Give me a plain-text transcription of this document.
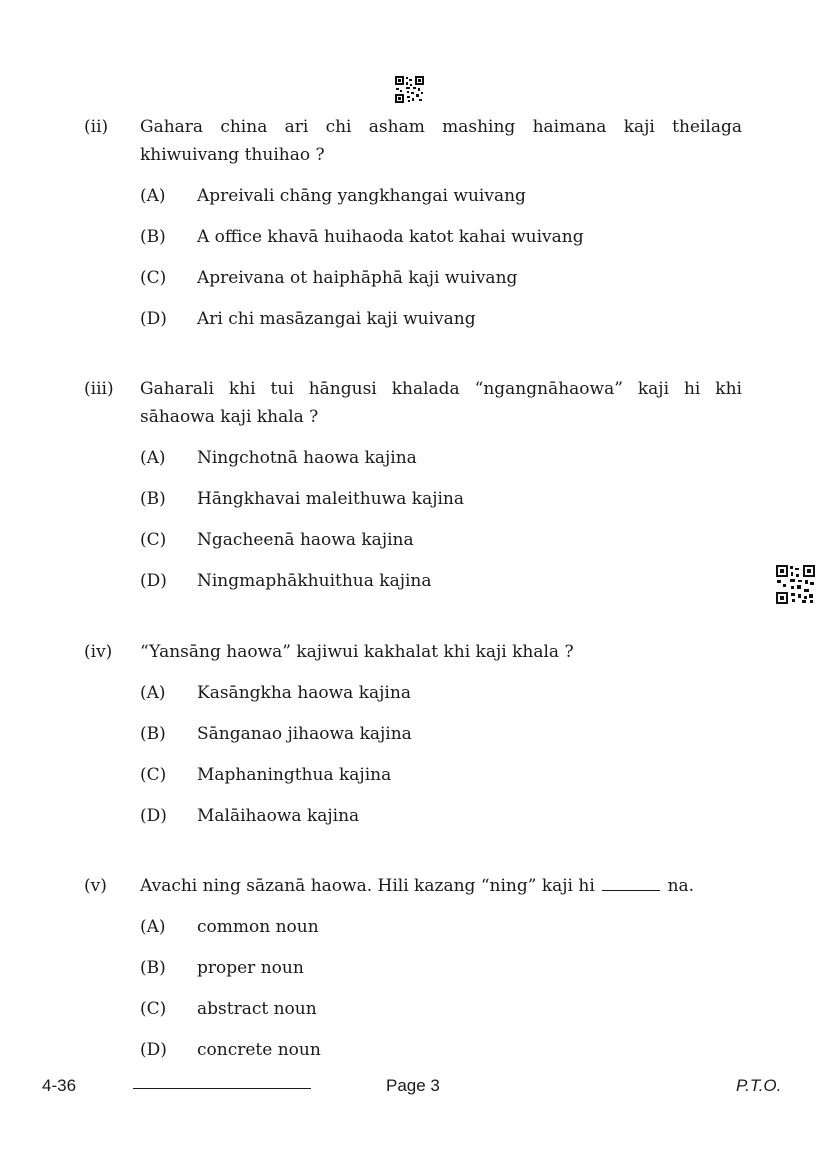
(ii)	Gahara china ari chi asham mashing haimana kaji theilaga khiwuivang thuihao ?
(A)	Apreivali chāng yangkhangai wuivang
(B)	A office khavā huihaoda katot kahai wuivang
(C)	Apreivana ot haiphāphā kaji wuivang
(D)	Ari chi masāzangai kaji wuivang
(iii)	Gaharali khi tui hāngusi khalada “ngangnāhaowa” kaji hi khi sāhaowa kaji khala ?
(A)	Ningchotnā haowa kajina
(B)	Hāngkhavai maleithuwa kajina
(C)	Ngacheenā haowa kajina
(D)	Ningmaphākhuithua kajina
(iv)	“Yansāng haowa” kajiwui kakhalat khi kaji khala ?
(A)	Kasāngkha haowa kajina
(B)	Sānganao jihaowa kajina
(C)	Maphaningthua kajina
(D)	Malāihaowa kajina
(v)	Avachi ning sāzanā haowa. Hili kazang “ning” kaji hi	na.
(A)	common noun
(B)	proper noun
(C)	abstract noun
(D)	concrete noun
4-36	Page 3	P.T.O.
